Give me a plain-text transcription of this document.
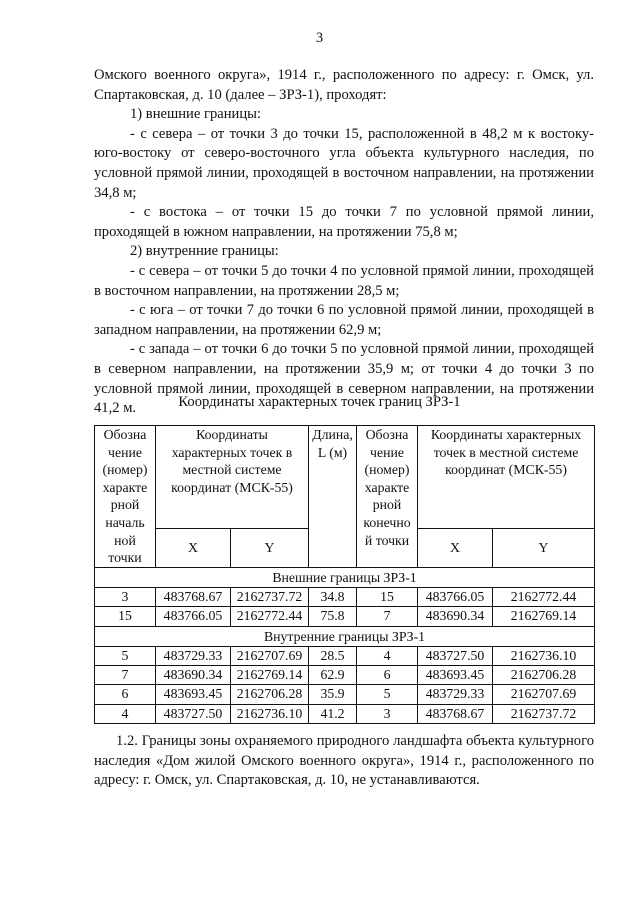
3

Омского военного округа», 1914 г., расположенного по адресу: г. Омск, ул. Спартаковская, д. 10 (далее – ЗРЗ-1), проходят:

1) внешние границы:

- с севера – от точки 3 до точки 15, расположенной в 48,2 м к востоку-юго-востоку от северо-восточного угла объекта культурного наследия, по условной прямой линии, проходящей в восточном направлении, на протяжении 34,8 м;

- с востока – от точки 15 до точки 7 по условной прямой линии, проходящей в южном направлении, на протяжении 75,8 м;

2) внутренние границы:

- с севера – от точки 5 до точки 4 по условной прямой линии, проходящей в восточном направлении, на протяжении 28,5 м;

- с юга – от точки 7 до точки 6 по условной прямой линии, проходящей в западном направлении, на протяжении 62,9 м;

- с запада – от точки 6 до точки 5 по условной прямой линии, проходящей в северном направлении, на протяжении 35,9 м; от точки 4 до точки 3 по условной прямой линии, проходящей в северном направлении, на протяжении 41,2 м.	Координаты характерных точек границ ЗРЗ-1
Обозна чение (номер) характе рной началь ной точки	Координаты характерных точек в местной системе координат (МСК-55)		Длина, L (м)	Обозна чение (номер) характе рной конечно й точки	Координаты характерных точек в местной системе координат (МСК-55)	
	X	Y			X	Y
Внешние границы ЗРЗ-1						
3	483768.67	2162737.72	34.8	15	483766.05	2162772.44
15	483766.05	2162772.44	75.8	7	483690.34	2162769.14
Внутренние границы ЗРЗ-1						
5	483729.33	2162707.69	28.5	4	483727.50	2162736.10
7	483690.34	2162769.14	62.9	6	483693.45	2162706.28
6	483693.45	2162706.28	35.9	5	483729.33	2162707.69
4	483727.50	2162736.10	41.2	3	483768.67	2162737.72

1.2. Границы зоны охраняемого природного ландшафта объекта культурного наследия «Дом жилой Омского военного округа», 1914 г., расположенного по адресу: г. Омск, ул. Спартаковская, д. 10, не устанавливаются.
